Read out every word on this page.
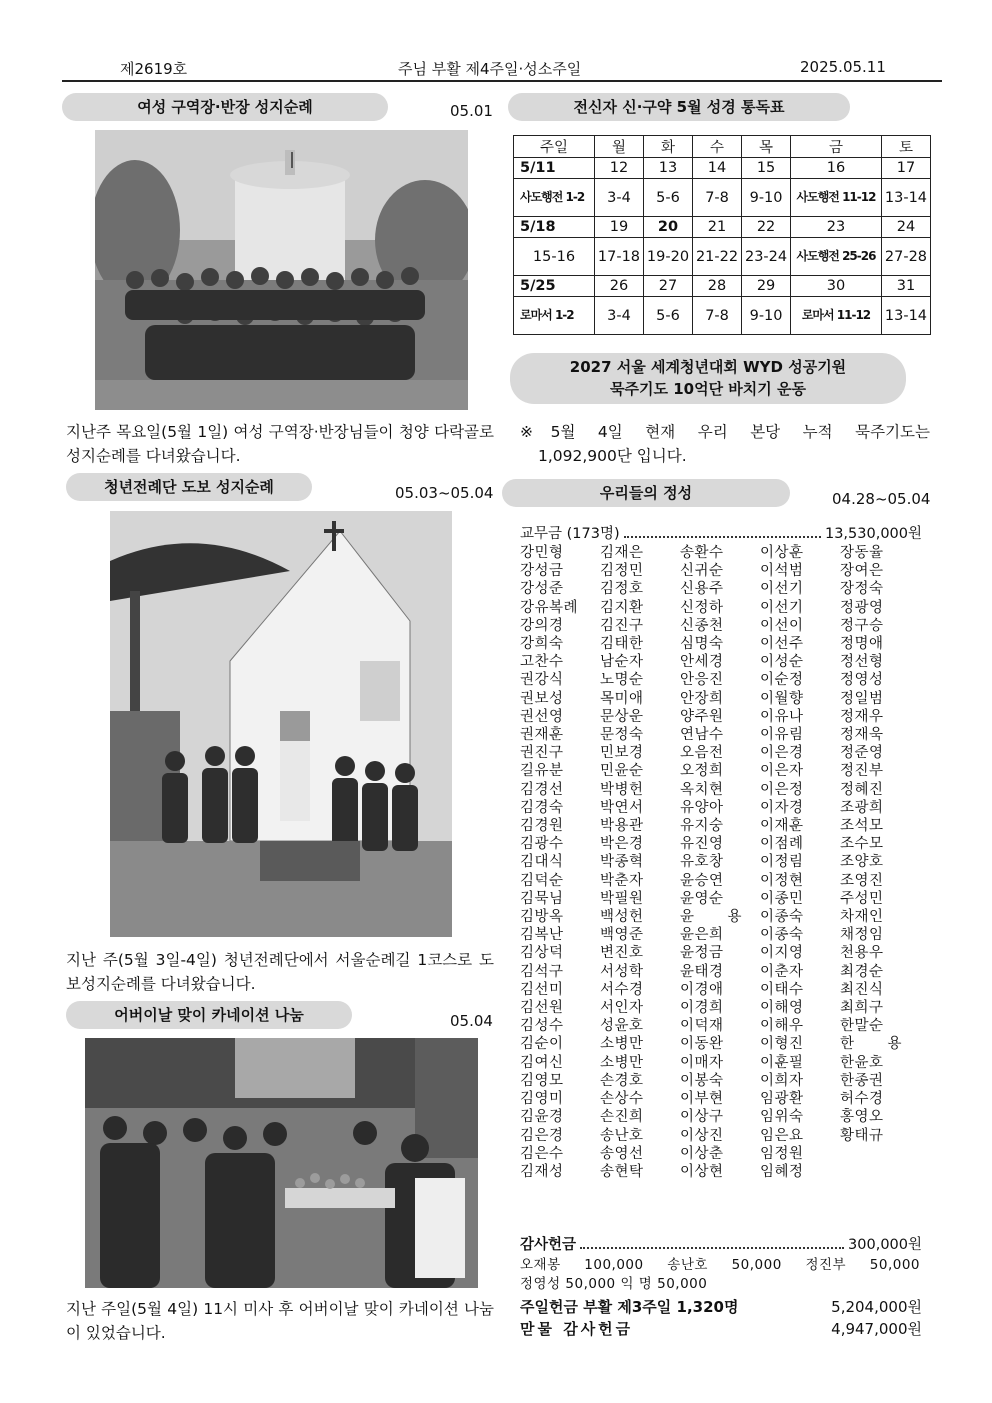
제2619호	주님 부활 제4주일·성소주일	2025.05.11
여성 구역장·반장 성지순례	05.01
지난주 목요일(5월 1일) 여성 구역장·반장님들이 청양 다락골로 성지순례를 다녀왔습니다.
청년전례단 도보 성지순례	05.03~05.04
지난 주(5월 3일-4일) 청년전례단에서 서울순례길 1코스로 도보성지순례를 다녀왔습니다.
어버이날 맞이 카네이션 나눔	05.04
지난 주일(5월 4일) 11시 미사 후 어버이날 맞이 카네이션 나눔이 있었습니다.
전신자 신·구약 5월 성경 통독표
주일	월	화	수	목	금	토
5/11	12	13	14	15	16	17
사도행전 1-2	3-4	5-6	7-8	9-10	사도행전 11-12	13-14
5/18	19	20	21	22	23	24
15-16	17-18	19-20	21-22	23-24	사도행전 25-26	27-28
5/25	26	27	28	29	30	31
로마서 1-2	3-4	5-6	7-8	9-10	로마서 11-12	13-14
2027 서울 세계청년대회 WYD 성공기원
묵주기도 10억단 바치기 운동
※5월 4일 현재 우리 본당 누적 묵주기도는
1,092,900단 입니다.
우리들의 정성	04.28~05.04
교무금 (173명)	13,530,000원
강민형	김재은	송환수	이상훈	장동율
강성금	김정민	신귀순	이석범	장여은
강성준	김정호	신용주	이선기	장정숙
강유복례	김지환	신정하	이선기	정광영
강의경	김진구	신종천	이선이	정구승
강희숙	김태한	심명숙	이선주	정명애
고찬수	남순자	안세경	이성순	정선형
권강식	노명순	안응진	이순정	정영성
권보성	목미애	안장희	이월향	정일범
권선영	문상운	양주원	이유나	정재우
권재훈	문정숙	연남수	이유림	정재욱
권진구	민보경	오음전	이은경	정준영
길유분	민윤순	오정희	이은자	정진부
김경선	박병헌	옥치현	이은정	정혜진
김경숙	박연서	유양아	이자경	조광희
김경원	박용관	유지숭	이재훈	조석모
김광수	박은경	유진영	이점례	조수모
김대식	박종혁	유호창	이정림	조양호
김덕순	박춘자	윤승연	이정현	조영진
김묵님	박필원	윤영순	이종민	주성민
김방옥	백성헌	윤 용	이종숙	차재인
김복난	백영준	윤은희	이종숙	채정임
김상덕	변진호	윤정금	이지영	천용우
김석구	서성학	윤태경	이춘자	최경순
김선미	서수경	이경애	이태수	최진식
김선원	서인자	이경희	이해영	최희구
김성수	성윤호	이덕재	이해우	한말순
김순이	소병만	이동완	이형진	한 용
김여신	소병만	이매자	이훈필	한윤호
김영모	손경호	이봉숙	이희자	한종권
김영미	손상수	이부현	임광환	허수경
김윤경	손진희	이상구	임위숙	홍영오
김은경	송난호	이상진	임은요	황태규
김은수	송영선	이상춘	임정원
김재성	송현탁	이상현	임혜정
감사헌금	300,000원
오재봉 100,000 송난호 50,000 정진부 50,000
정영성 50,000 익 명 50,000
주일헌금 부활 제3주일 1,320명	5,204,000원
맏물 감사헌금	4,947,000원
